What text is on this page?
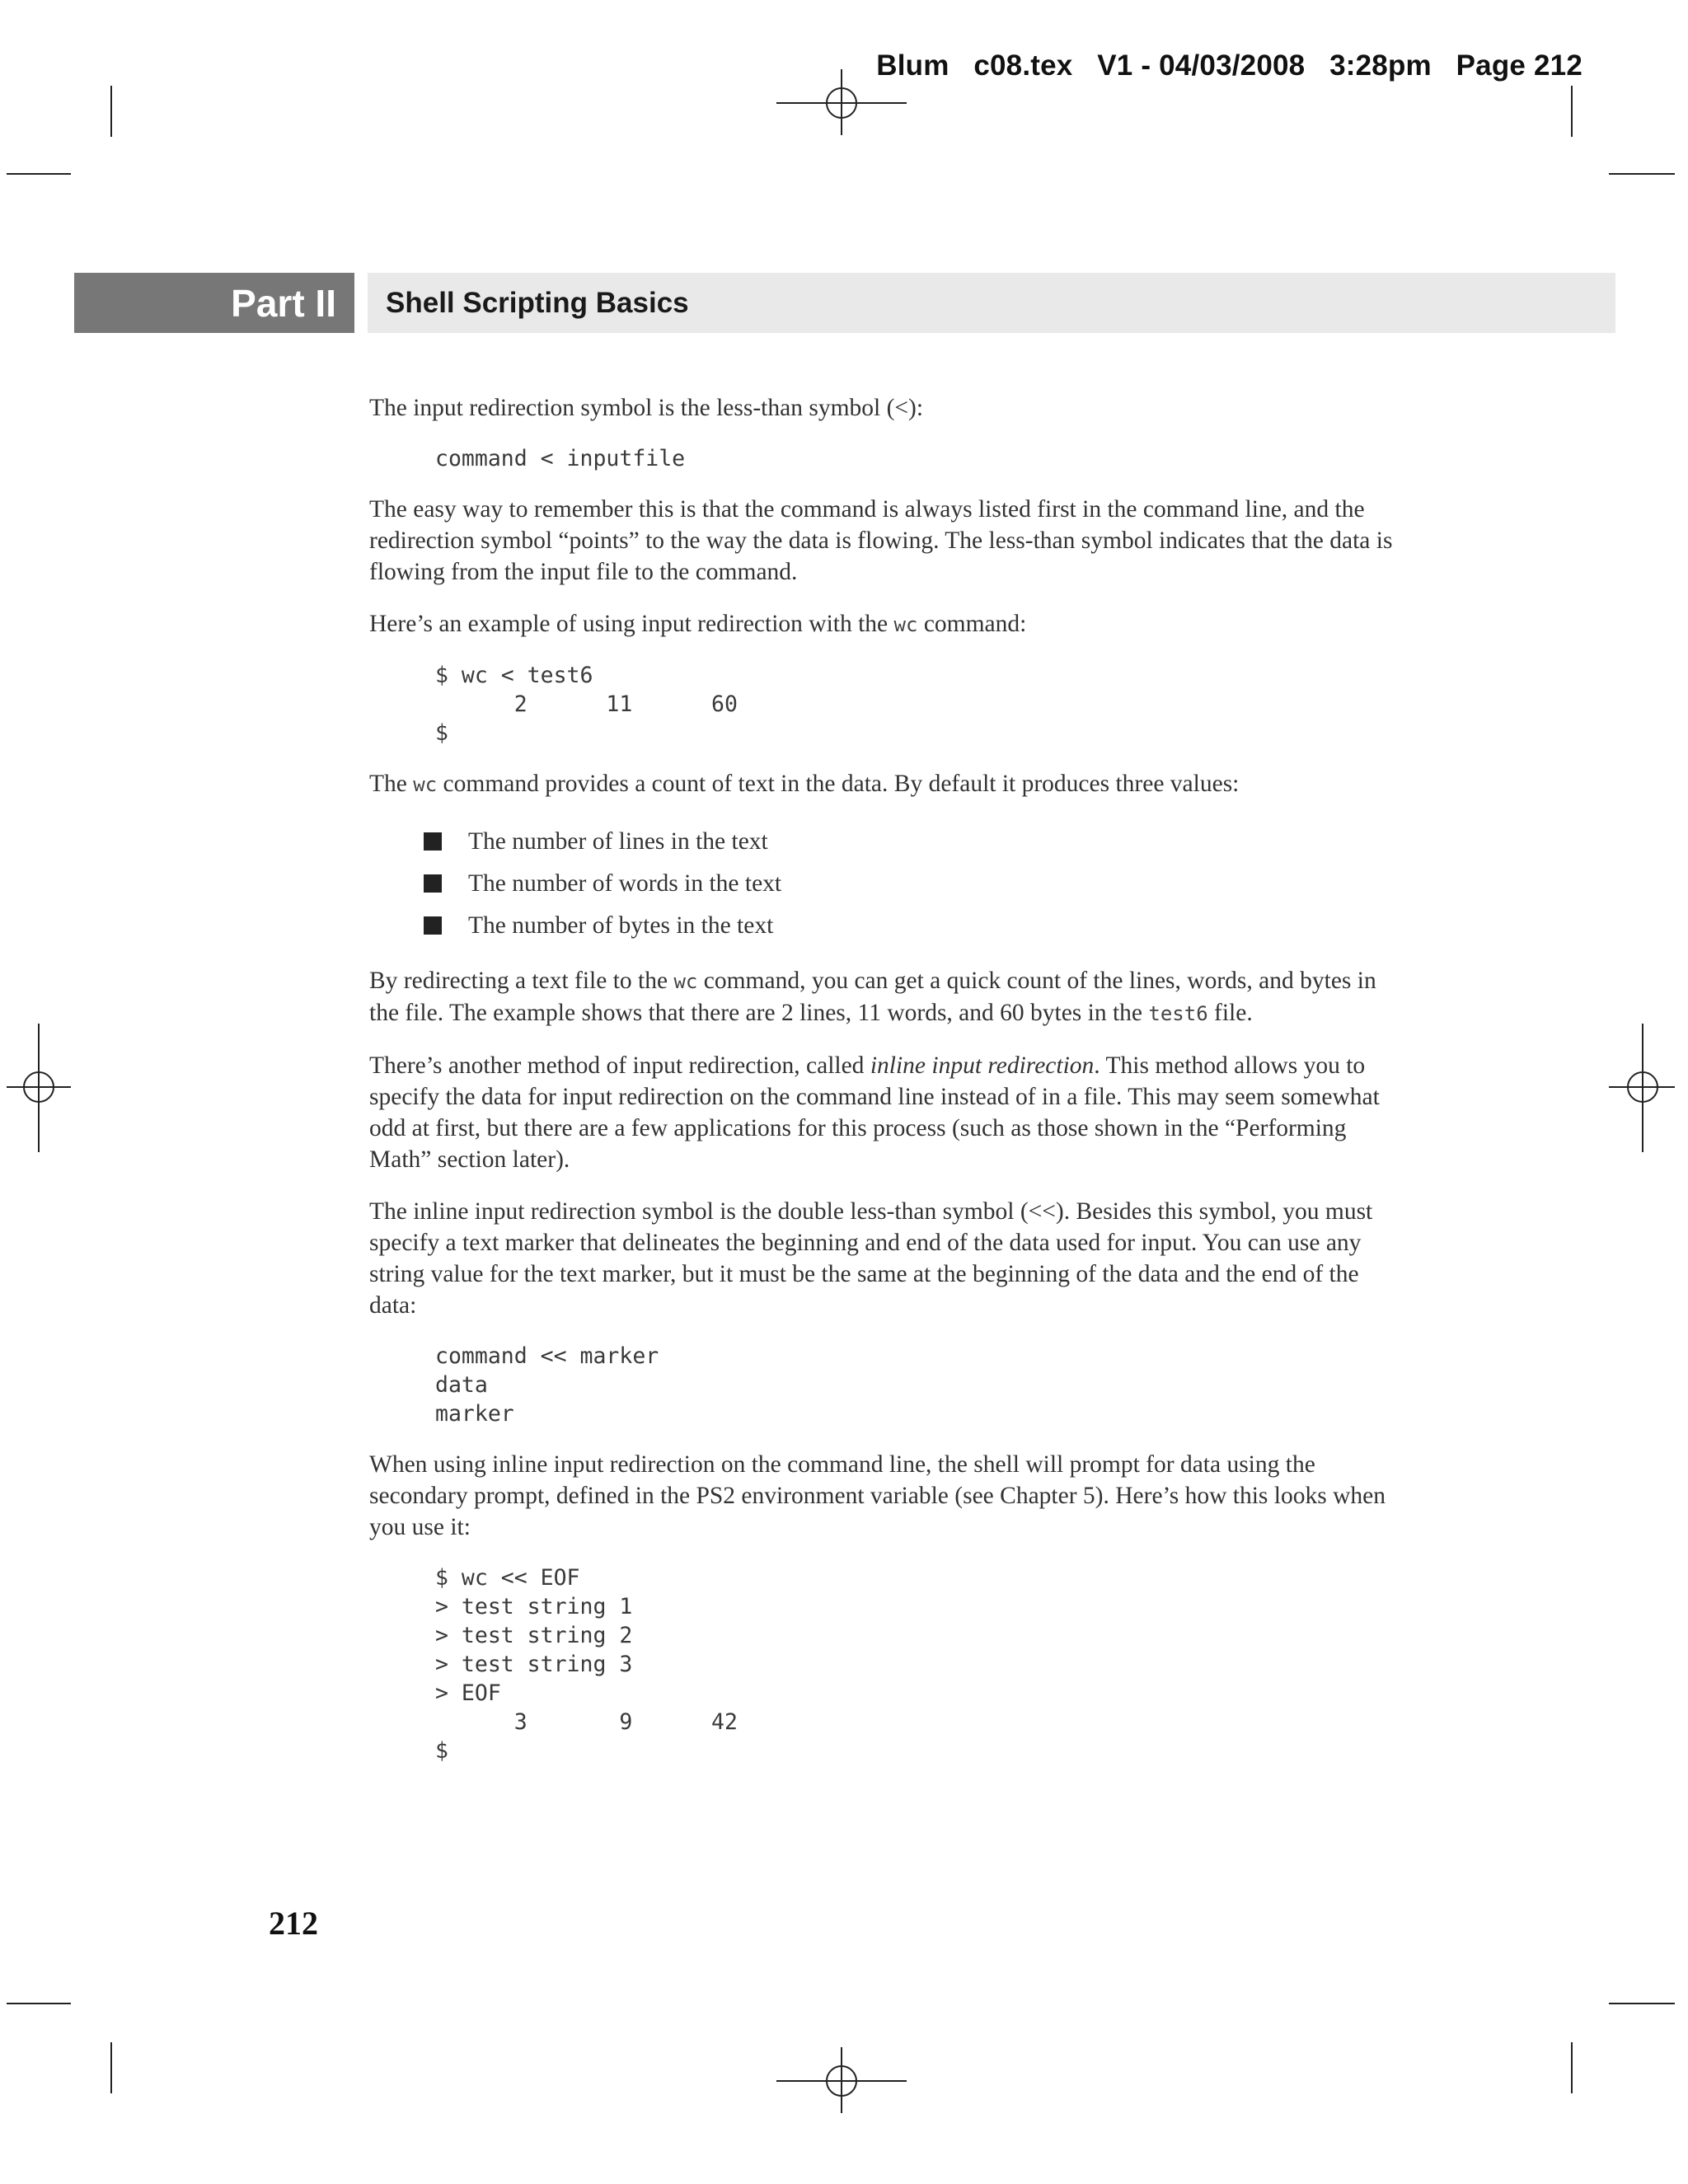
Blum   c08.tex   V1 - 04/03/2008   3:28pm   Page 212
Part II Shell Scripting Basics

The input redirection symbol is the less-than symbol (<):

command < inputfile

The easy way to remember this is that the command is always listed first in the command line, and the redirection symbol “points” to the way the data is flowing. The less-than symbol indicates that the data is flowing from the input file to the command.

Here’s an example of using input redirection with the wc command:

$ wc < test6
2      11      60
$

The wc command provides a count of text in the data. By default it produces three values:

The number of lines in the text
The number of words in the text
The number of bytes in the text

By redirecting a text file to the wc command, you can get a quick count of the lines, words, and bytes in the file. The example shows that there are 2 lines, 11 words, and 60 bytes in the test6 file.

There’s another method of input redirection, called inline input redirection. This method allows you to specify the data for input redirection on the command line instead of in a file. This may seem somewhat odd at first, but there are a few applications for this process (such as those shown in the “Performing Math” section later).

The inline input redirection symbol is the double less-than symbol (<<). Besides this symbol, you must specify a text marker that delineates the beginning and end of the data used for input. You can use any string value for the text marker, but it must be the same at the beginning of the data and the end of the data:

command << marker
data
marker

When using inline input redirection on the command line, the shell will prompt for data using the secondary prompt, defined in the PS2 environment variable (see Chapter 5). Here’s how this looks when you use it:

$ wc << EOF
> test string 1
> test string 2
> test string 3
> EOF
3       9      42
$
212
